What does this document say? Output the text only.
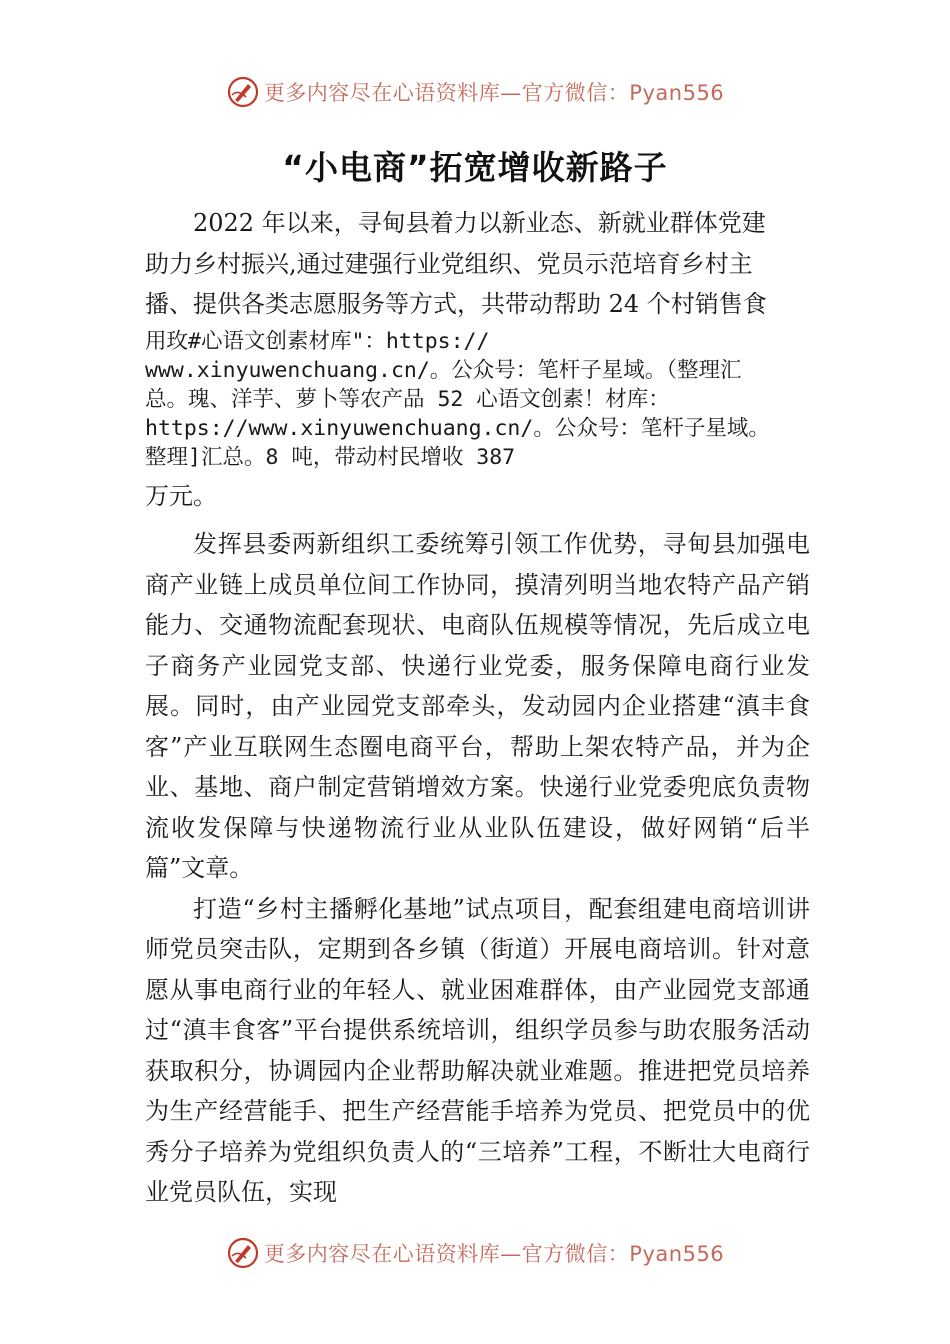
更多内容尽在心语资料库—官方微信：Pyan556
“小电商”拓宽增收新路子

2022 年以来，寻甸县着力以新业态、新就业群体党建

助力乡村振兴,通过建强行业党组织、党员示范培育乡村主

播、提供各类志愿服务等方式，共带动帮助 24 个村销售食

用玫#心语文创素材库"：https://

www.xinyuwenchuang.cn/。公众号：笔杆子星域。（整理汇

总。瑰、洋芋、萝卜等农产品 52 心语文创素！材库：

https://www.xinyuwenchuang.cn/。公众号：笔杆子星域。

整理]汇总。8 吨，带动村民增收 387

万元。

发挥县委两新组织工委统筹引领工作优势，寻甸县加强电商产业链上成员单位间工作协同，摸清列明当地农特产品产销能力、交通物流配套现状、电商队伍规模等情况，先后成立电子商务产业园党支部、快递行业党委，服务保障电商行业发展。同时，由产业园党支部牵头，发动园内企业搭建“滇丰食客”产业互联网生态圈电商平台，帮助上架农特产品，并为企业、基地、商户制定营销增效方案。快递行业党委兜底负责物流收发保障与快递物流行业从业队伍建设，做好网销“后半篇”文章。

打造“乡村主播孵化基地”试点项目，配套组建电商培训讲师党员突击队，定期到各乡镇（街道）开展电商培训。针对意愿从事电商行业的年轻人、就业困难群体，由产业园党支部通过“滇丰食客”平台提供系统培训，组织学员参与助农服务活动获取积分，协调园内企业帮助解决就业难题。推进把党员培养为生产经营能手、把生产经营能手培养为党员、把党员中的优秀分子培养为党组织负责人的“三培养”工程，不断壮大电商行业党员队伍，实现

更多内容尽在心语资料库—官方微信：Pyan556
